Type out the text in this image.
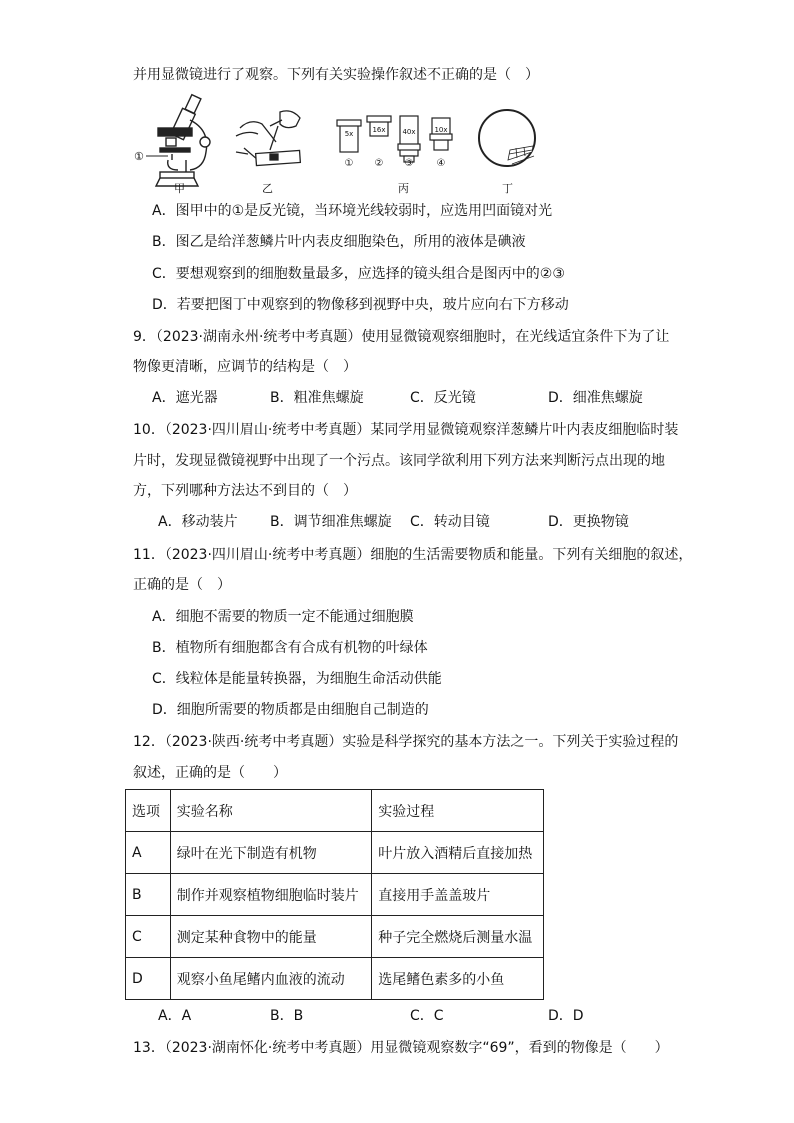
并用显微镜进行了观察。下列有关实验操作叙述不正确的是（　）
①
5x	16x 40x	10x
① ② ③ ④
甲	乙	丙	丁
A．图甲中的①是反光镜，当环境光线较弱时，应选用凹面镜对光
B．图乙是给洋葱鳞片叶内表皮细胞染色，所用的液体是碘液
C．要想观察到的细胞数量最多，应选择的镜头组合是图丙中的②③
D．若要把图丁中观察到的物像移到视野中央，玻片应向右下方移动
9．（2023·湖南永州·统考中考真题）使用显微镜观察细胞时，在光线适宜条件下为了让
物像更清晰，应调节的结构是（　）
A．遮光器	B．粗准焦螺旋	C．反光镜	D．细准焦螺旋
10．（2023·四川眉山·统考中考真题）某同学用显微镜观察洋葱鳞片叶内表皮细胞临时装
片时，发现显微镜视野中出现了一个污点。该同学欲利用下列方法来判断污点出现的地
方，下列哪种方法达不到目的（　）
A．移动装片 B．调节细准焦螺旋 C．转动目镜	D．更换物镜
11．（2023·四川眉山·统考中考真题）细胞的生活需要物质和能量。下列有关细胞的叙述，
正确的是（　）
A．细胞不需要的物质一定不能通过细胞膜
B．植物所有细胞都含有合成有机物的叶绿体
C．线粒体是能量转换器，为细胞生命活动供能
D．细胞所需要的物质都是由细胞自己制造的
12．（2023·陕西·统考中考真题）实验是科学探究的基本方法之一。下列关于实验过程的
叙述，正确的是（　　）
选项	实验名称	实验过程
A	绿叶在光下制造有机物	叶片放入酒精后直接加热
B	制作并观察植物细胞临时装片	直接用手盖盖玻片
C	测定某种食物中的能量	种子完全燃烧后测量水温
D	观察小鱼尾鳍内血液的流动	选尾鳍色素多的小鱼
A．A	B．B	C．C	D．D
13．（2023·湖南怀化·统考中考真题）用显微镜观察数字“69”，看到的物像是（　　）
